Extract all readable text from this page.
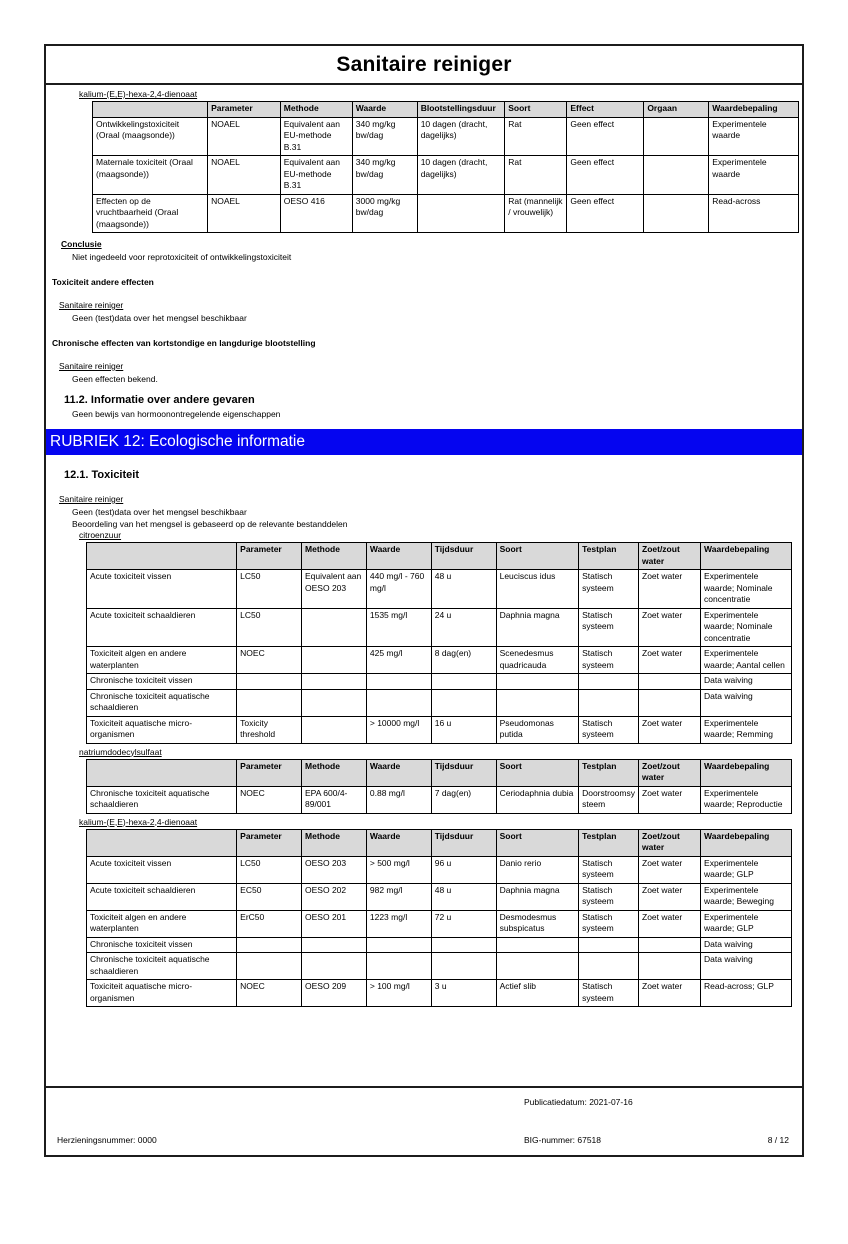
Sanitaire reiniger
kalium-(E,E)-hexa-2,4-dienoaat
	Parameter	Methode	Waarde	Blootstellingsduur	Soort	Effect	Orgaan	Waardebepaling
Ontwikkelingstoxiciteit (Oraal (maagsonde))	NOAEL	Equivalent aan EU-methode B.31	340 mg/kg bw/dag	10 dagen (dracht, dagelijks)	Rat	Geen effect		Experimentele waarde
Maternale toxiciteit (Oraal (maagsonde))	NOAEL	Equivalent aan EU-methode B.31	340 mg/kg bw/dag	10 dagen (dracht, dagelijks)	Rat	Geen effect		Experimentele waarde
Effecten op de vruchtbaarheid (Oraal (maagsonde))	NOAEL	OESO 416	3000 mg/kg bw/dag		Rat (mannelijk / vrouwelijk)	Geen effect		Read-across
Conclusie
Niet ingedeeld voor reprotoxiciteit of ontwikkelingstoxiciteit
Toxiciteit andere effecten
Sanitaire reiniger
Geen (test)data over het mengsel beschikbaar
Chronische effecten van kortstondige en langdurige blootstelling
Sanitaire reiniger
Geen effecten bekend.
11.2. Informatie over andere gevaren
Geen bewijs van hormoonontregelende eigenschappen
RUBRIEK 12: Ecologische informatie
12.1. Toxiciteit
Sanitaire reiniger
Geen (test)data over het mengsel beschikbaar
Beoordeling van het mengsel is gebaseerd op de relevante bestanddelen
citroenzuur
	Parameter	Methode	Waarde	Tijdsduur	Soort	Testplan	Zoet/zout water	Waardebepaling
Acute toxiciteit vissen	LC50	Equivalent aan OESO 203	440 mg/l - 760 mg/l	48 u	Leuciscus idus	Statisch systeem	Zoet water	Experimentele waarde; Nominale concentratie
Acute toxiciteit schaaldieren	LC50		1535 mg/l	24 u	Daphnia magna	Statisch systeem	Zoet water	Experimentele waarde; Nominale concentratie
Toxiciteit algen en andere waterplanten	NOEC		425 mg/l	8 dag(en)	Scenedesmus quadricauda	Statisch systeem	Zoet water	Experimentele waarde; Aantal cellen
Chronische toxiciteit vissen								Data waiving
Chronische toxiciteit aquatische schaaldieren								Data waiving
Toxiciteit aquatische micro-organismen	Toxicity threshold		> 10000 mg/l	16 u	Pseudomonas putida	Statisch systeem	Zoet water	Experimentele waarde; Remming
natriumdodecylsulfaat
	Parameter	Methode	Waarde	Tijdsduur	Soort	Testplan	Zoet/zout water	Waardebepaling
Chronische toxiciteit aquatische schaaldieren	NOEC	EPA 600/4-89/001	0.88 mg/l	7 dag(en)	Ceriodaphnia dubia	Doorstroomsysteem	Zoet water	Experimentele waarde; Reproductie
kalium-(E,E)-hexa-2,4-dienoaat
	Parameter	Methode	Waarde	Tijdsduur	Soort	Testplan	Zoet/zout water	Waardebepaling
Acute toxiciteit vissen	LC50	OESO 203	> 500 mg/l	96 u	Danio rerio	Statisch systeem	Zoet water	Experimentele waarde; GLP
Acute toxiciteit schaaldieren	EC50	OESO 202	982 mg/l	48 u	Daphnia magna	Statisch systeem	Zoet water	Experimentele waarde; Beweging
Toxiciteit algen en andere waterplanten	ErC50	OESO 201	1223 mg/l	72 u	Desmodesmus subspicatus	Statisch systeem	Zoet water	Experimentele waarde; GLP
Chronische toxiciteit vissen								Data waiving
Chronische toxiciteit aquatische schaaldieren								Data waiving
Toxiciteit aquatische micro-organismen	NOEC	OESO 209	> 100 mg/l	3 u	Actief slib	Statisch systeem	Zoet water	Read-across; GLP
Publicatiedatum: 2021-07-16
Herzieningsnummer: 0000	BIG-nummer: 67518	8 / 12
